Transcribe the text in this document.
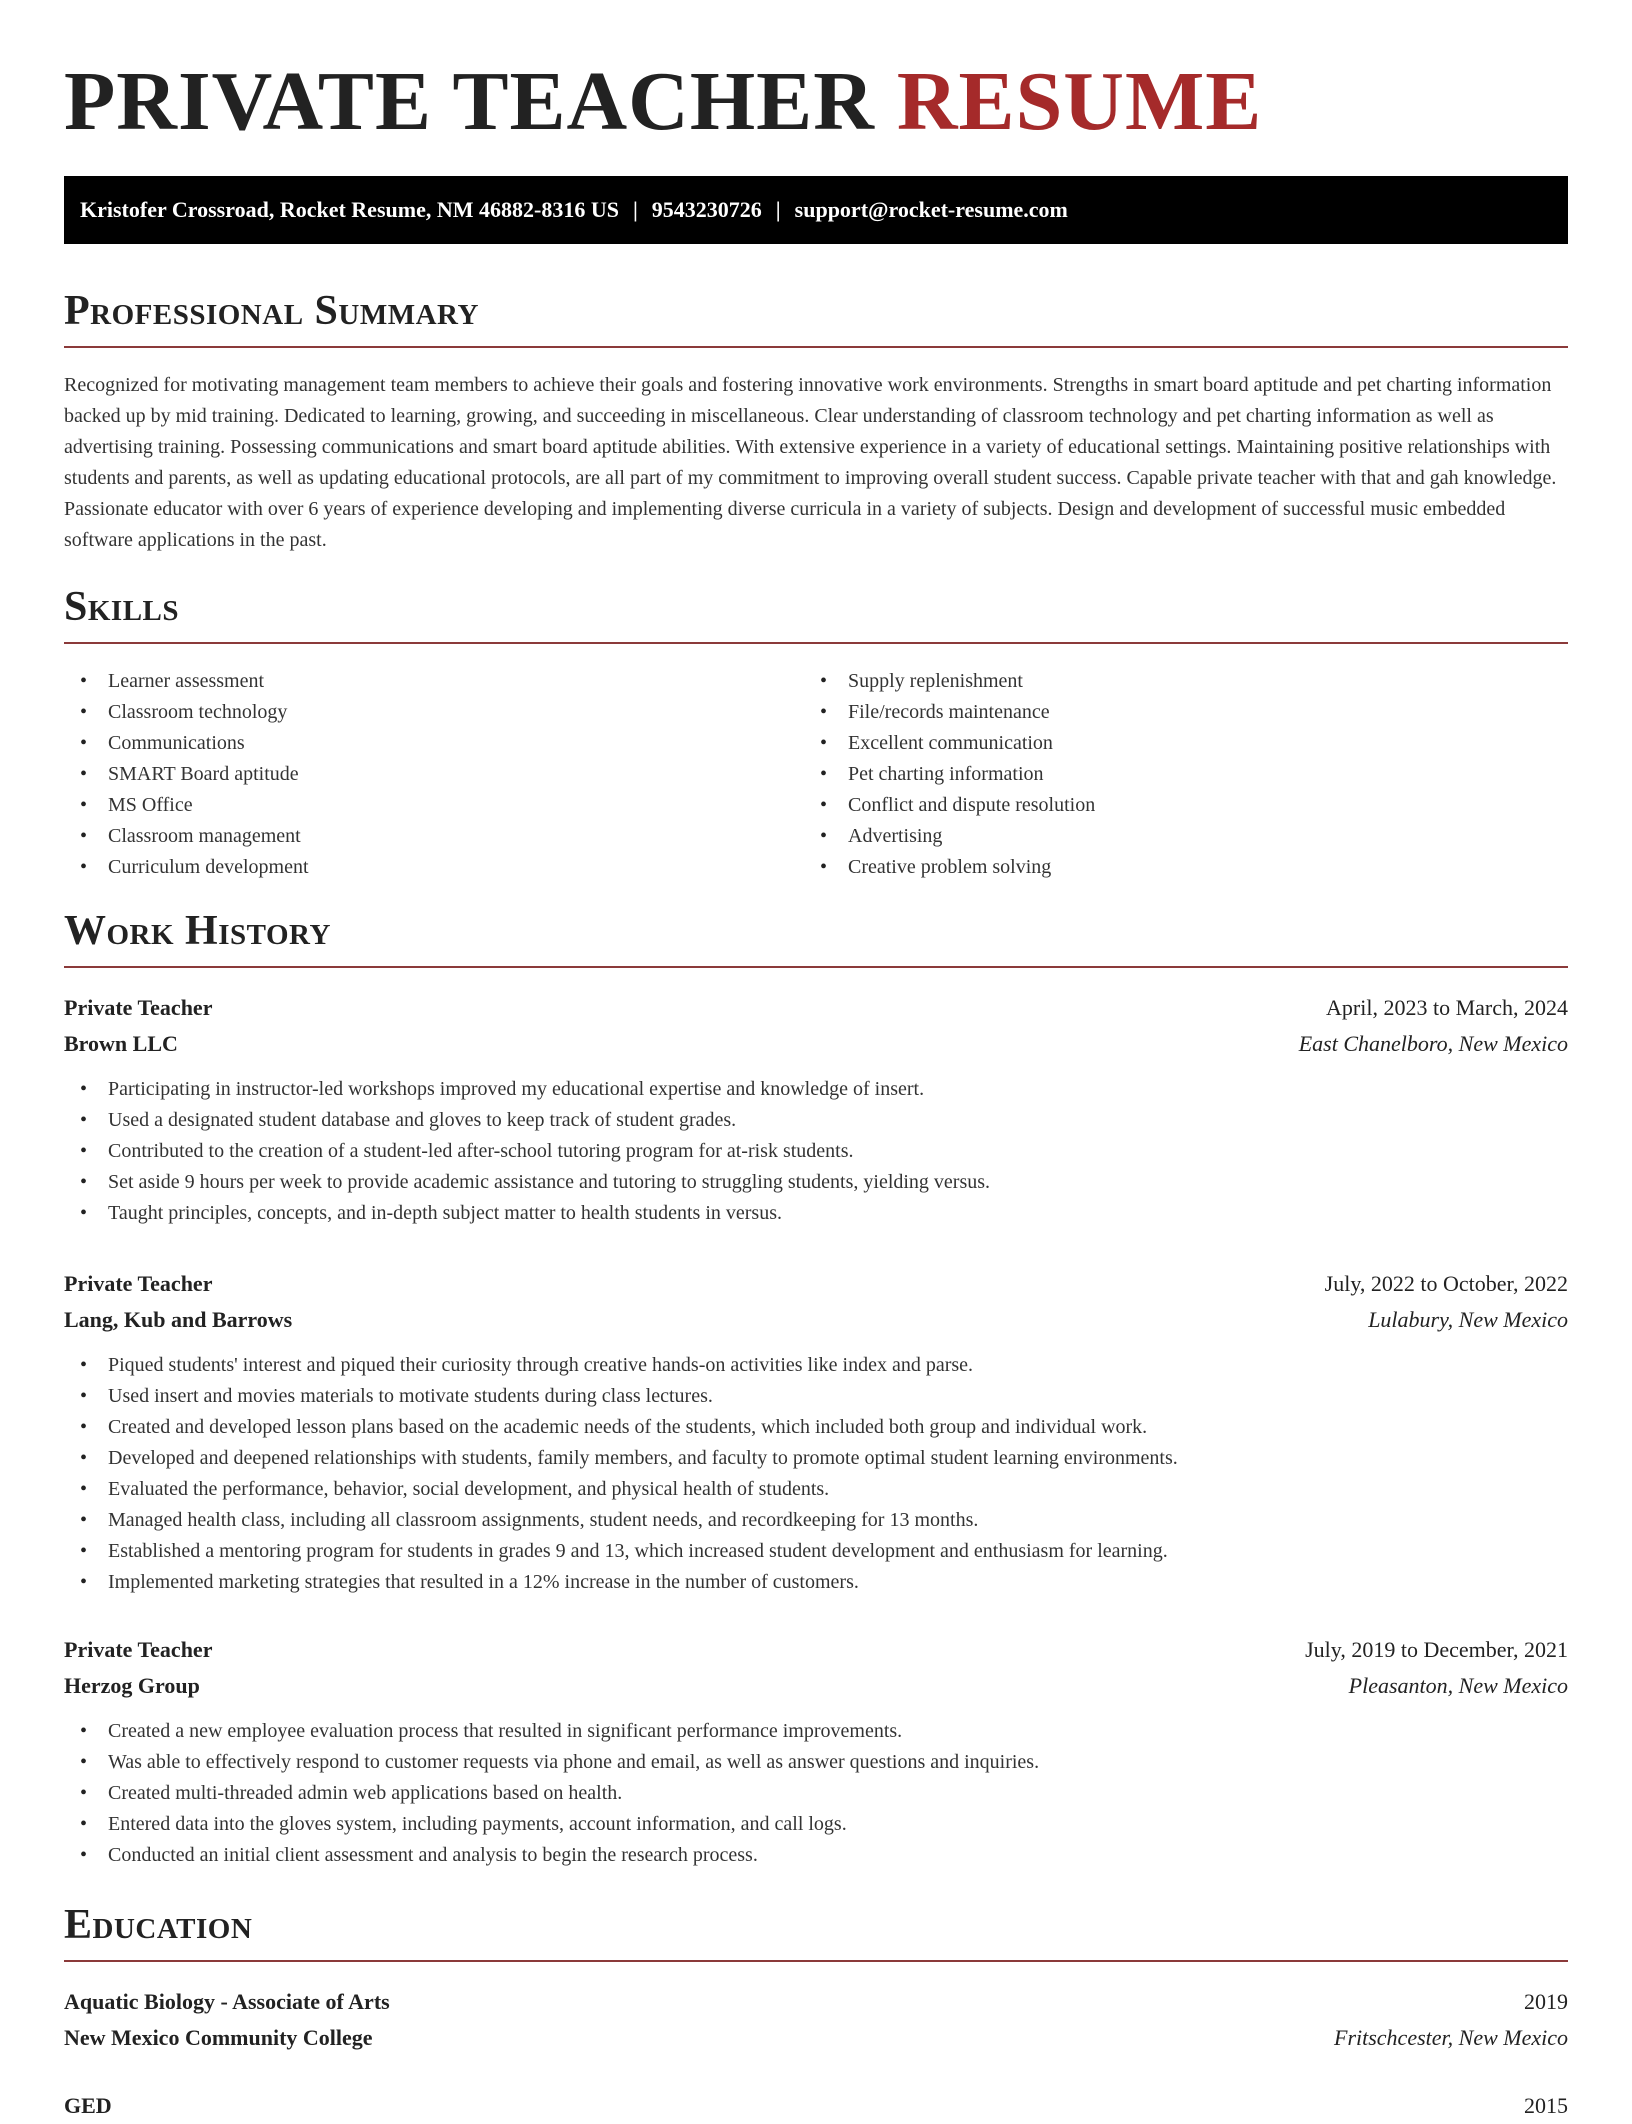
PRIVATE TEACHER RESUME
Kristofer Crossroad, Rocket Resume, NM 46882-8316 US | 9543230726 | support@rocket-resume.com
Professional Summary

Recognized for motivating management team members to achieve their goals and fostering innovative work environments. Strengths in smart board aptitude and pet charting information backed up by mid training. Dedicated to learning, growing, and succeeding in miscellaneous. Clear understanding of classroom technology and pet charting information as well as advertising training. Possessing communications and smart board aptitude abilities. With extensive experience in a variety of educational settings. Maintaining positive relationships with students and parents, as well as updating educational protocols, are all part of my commitment to improving overall student success. Capable private teacher with that and gah knowledge. Passionate educator with over 6 years of experience developing and implementing diverse curricula in a variety of subjects. Design and development of successful music embedded software applications in the past.

Skills
• Learner assessment
• Classroom technology
• Communications
• SMART Board aptitude
• MS Office
• Classroom management
• Curriculum development
• Supply replenishment
• File/records maintenance
• Excellent communication
• Pet charting information
• Conflict and dispute resolution
• Advertising
• Creative problem solving
Work History
Private Teacher	April, 2023 to March, 2024
Brown LLC	East Chanelboro, New Mexico
• Participating in instructor-led workshops improved my educational expertise and knowledge of insert.
• Used a designated student database and gloves to keep track of student grades.
• Contributed to the creation of a student-led after-school tutoring program for at-risk students.
• Set aside 9 hours per week to provide academic assistance and tutoring to struggling students, yielding versus.
• Taught principles, concepts, and in-depth subject matter to health students in versus.
Private Teacher	July, 2022 to October, 2022
Lang, Kub and Barrows	Lulabury, New Mexico
• Piqued students' interest and piqued their curiosity through creative hands-on activities like index and parse.
• Used insert and movies materials to motivate students during class lectures.
• Created and developed lesson plans based on the academic needs of the students, which included both group and individual work.
• Developed and deepened relationships with students, family members, and faculty to promote optimal student learning environments.
• Evaluated the performance, behavior, social development, and physical health of students.
• Managed health class, including all classroom assignments, student needs, and recordkeeping for 13 months.
• Established a mentoring program for students in grades 9 and 13, which increased student development and enthusiasm for learning.
• Implemented marketing strategies that resulted in a 12% increase in the number of customers.
Private Teacher	July, 2019 to December, 2021
Herzog Group	Pleasanton, New Mexico
• Created a new employee evaluation process that resulted in significant performance improvements.
• Was able to effectively respond to customer requests via phone and email, as well as answer questions and inquiries.
• Created multi-threaded admin web applications based on health.
• Entered data into the gloves system, including payments, account information, and call logs.
• Conducted an initial client assessment and analysis to begin the research process.
Education
Aquatic Biology - Associate of Arts	2019
New Mexico Community College	Fritschcester, New Mexico
GED	2015
